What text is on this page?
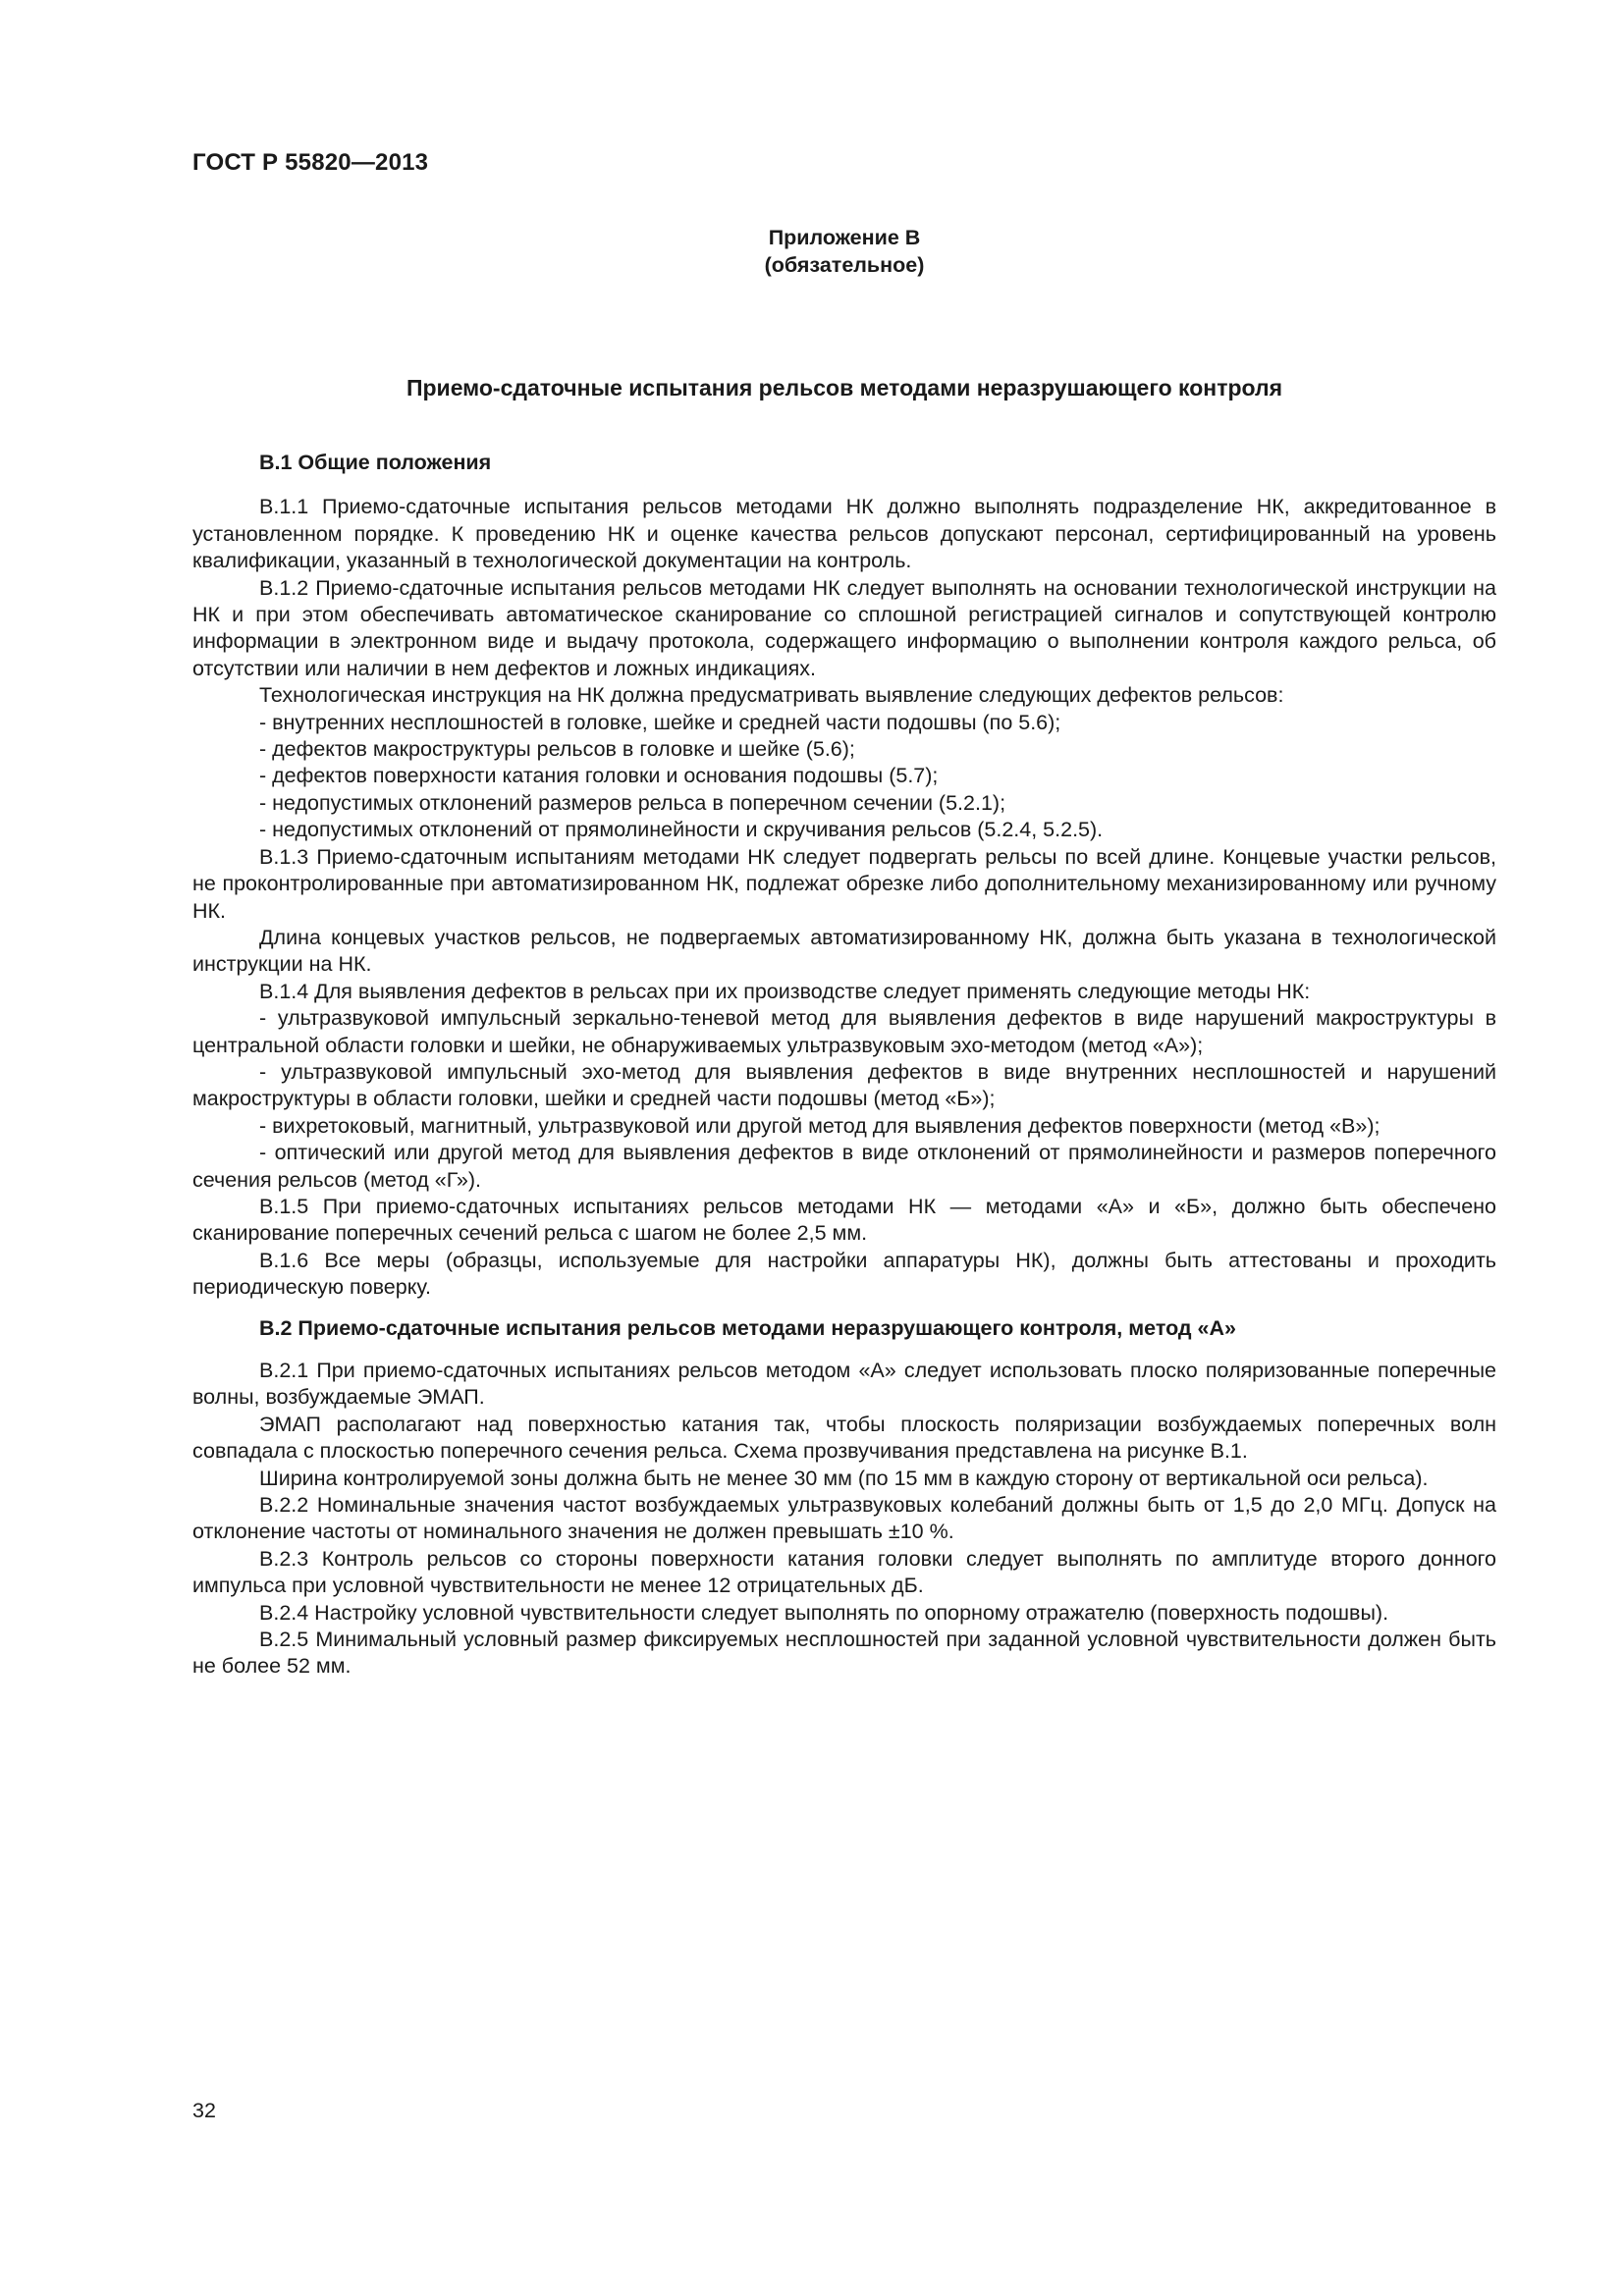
ГОСТ Р 55820—2013
Приложение В
(обязательное)
Приемо-сдаточные испытания рельсов методами неразрушающего контроля
В.1 Общие положения

В.1.1 Приемо-сдаточные испытания рельсов методами НК должно выполнять подразделение НК, аккредитованное в установленном порядке. К проведению НК и оценке качества рельсов допускают персонал, сертифицированный на уровень квалификации, указанный в технологической документации на контроль.

В.1.2 Приемо-сдаточные испытания рельсов методами НК следует выполнять на основании технологической инструкции на НК и при этом обеспечивать автоматическое сканирование со сплошной регистрацией сигналов и сопутствующей контролю информации в электронном виде и выдачу протокола, содержащего информацию о выполнении контроля каждого рельса, об отсутствии или наличии в нем дефектов и ложных индикациях.

Технологическая инструкция на НК должна предусматривать выявление следующих дефектов рельсов:

- внутренних несплошностей в головке, шейке и средней части подошвы (по 5.6);

- дефектов макроструктуры рельсов в головке и шейке (5.6);

- дефектов поверхности катания головки и основания подошвы (5.7);

- недопустимых отклонений размеров рельса в поперечном сечении (5.2.1);

- недопустимых отклонений от прямолинейности и скручивания рельсов (5.2.4, 5.2.5).

В.1.3 Приемо-сдаточным испытаниям методами НК следует подвергать рельсы по всей длине. Концевые участки рельсов, не проконтролированные при автоматизированном НК, подлежат обрезке либо дополнительному механизированному или ручному НК.

Длина концевых участков рельсов, не подвергаемых автоматизированному НК, должна быть указана в технологической инструкции на НК.

В.1.4 Для выявления дефектов в рельсах при их производстве следует применять следующие методы НК:

- ультразвуковой импульсный зеркально-теневой метод для выявления дефектов в виде нарушений макроструктуры в центральной области головки и шейки, не обнаруживаемых ультразвуковым эхо-методом (метод «А»);

- ультразвуковой импульсный эхо-метод для выявления дефектов в виде внутренних несплошностей и нарушений макроструктуры в области головки, шейки и средней части подошвы (метод «Б»);

- вихретоковый, магнитный, ультразвуковой или другой метод для выявления дефектов поверхности (метод «В»);

- оптический или другой метод для выявления дефектов в виде отклонений от прямолинейности и размеров поперечного сечения рельсов (метод «Г»).

В.1.5 При приемо-сдаточных испытаниях рельсов методами НК — методами «А» и «Б», должно быть обеспечено сканирование поперечных сечений рельса с шагом не более 2,5 мм.

В.1.6 Все меры (образцы, используемые для настройки аппаратуры НК), должны быть аттестованы и проходить периодическую поверку.

В.2 Приемо-сдаточные испытания рельсов методами неразрушающего контроля, метод «А»

В.2.1 При приемо-сдаточных испытаниях рельсов методом «А» следует использовать плоско поляризованные поперечные волны, возбуждаемые ЭМАП.

ЭМАП располагают над поверхностью катания так, чтобы плоскость поляризации возбуждаемых поперечных волн совпадала с плоскостью поперечного сечения рельса. Схема прозвучивания представлена на рисунке В.1.

Ширина контролируемой зоны должна быть не менее 30 мм (по 15 мм в каждую сторону от вертикальной оси рельса).

В.2.2 Номинальные значения частот возбуждаемых ультразвуковых колебаний должны быть от 1,5 до 2,0 МГц. Допуск на отклонение частоты от номинального значения не должен превышать ±10 %.

В.2.3 Контроль рельсов со стороны поверхности катания головки следует выполнять по амплитуде второго донного импульса при условной чувствительности не менее 12 отрицательных дБ.

В.2.4 Настройку условной чувствительности следует выполнять по опорному отражателю (поверхность подошвы).

В.2.5 Минимальный условный размер фиксируемых несплошностей при заданной условной чувствительности должен быть не более 52 мм.

32
